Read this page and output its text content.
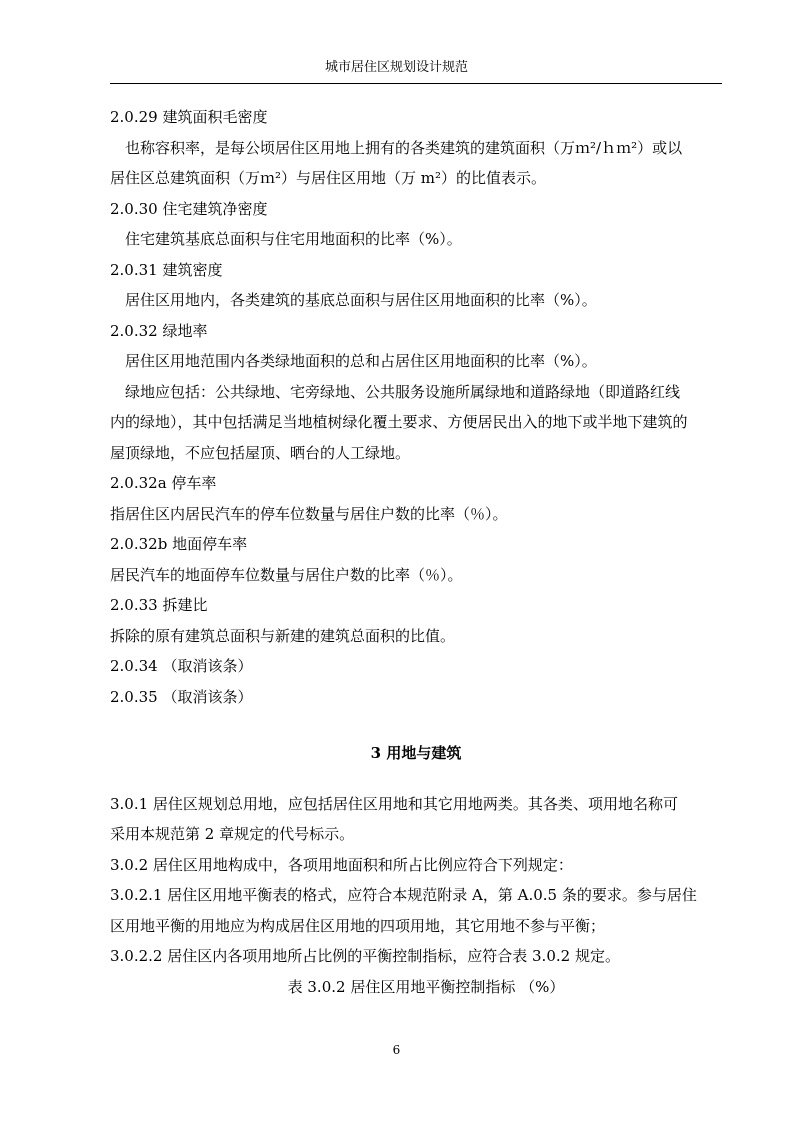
城市居住区规划设计规范
2.0.29 建筑面积毛密度
也称容积率，是每公顷居住区用地上拥有的各类建筑的建筑面积（万ｍ²/ｈｍ²）或以
居住区总建筑面积（万ｍ²）与居住区用地（万 m²）的比值表示。
2.0.30 住宅建筑净密度
住宅建筑基底总面积与住宅用地面积的比率（%）。
2.0.31 建筑密度
居住区用地内，各类建筑的基底总面积与居住区用地面积的比率（%）。
2.0.32 绿地率
居住区用地范围内各类绿地面积的总和占居住区用地面积的比率（%）。
绿地应包括：公共绿地、宅旁绿地、公共服务设施所属绿地和道路绿地（即道路红线
内的绿地），其中包括满足当地植树绿化覆土要求、方便居民出入的地下或半地下建筑的
屋顶绿地，不应包括屋顶、晒台的人工绿地。
2.0.32a 停车率
指居住区内居民汽车的停车位数量与居住户数的比率（％）。
2.0.32b 地面停车率
居民汽车的地面停车位数量与居住户数的比率（％）。
2.0.33 拆建比
拆除的原有建筑总面积与新建的建筑总面积的比值。
2.0.34 （取消该条）
2.0.35 （取消该条）
3 用地与建筑
3.0.1 居住区规划总用地，应包括居住区用地和其它用地两类。其各类、项用地名称可
采用本规范第 2 章规定的代号标示。
3.0.2 居住区用地构成中，各项用地面积和所占比例应符合下列规定：
3.0.2.1 居住区用地平衡表的格式，应符合本规范附录 A，第 A.0.5 条的要求。参与居住
区用地平衡的用地应为构成居住区用地的四项用地，其它用地不参与平衡；
3.0.2.2 居住区内各项用地所占比例的平衡控制指标，应符合表 3.0.2 规定。
表 3.0.2 居住区用地平衡控制指标 （%）
6
